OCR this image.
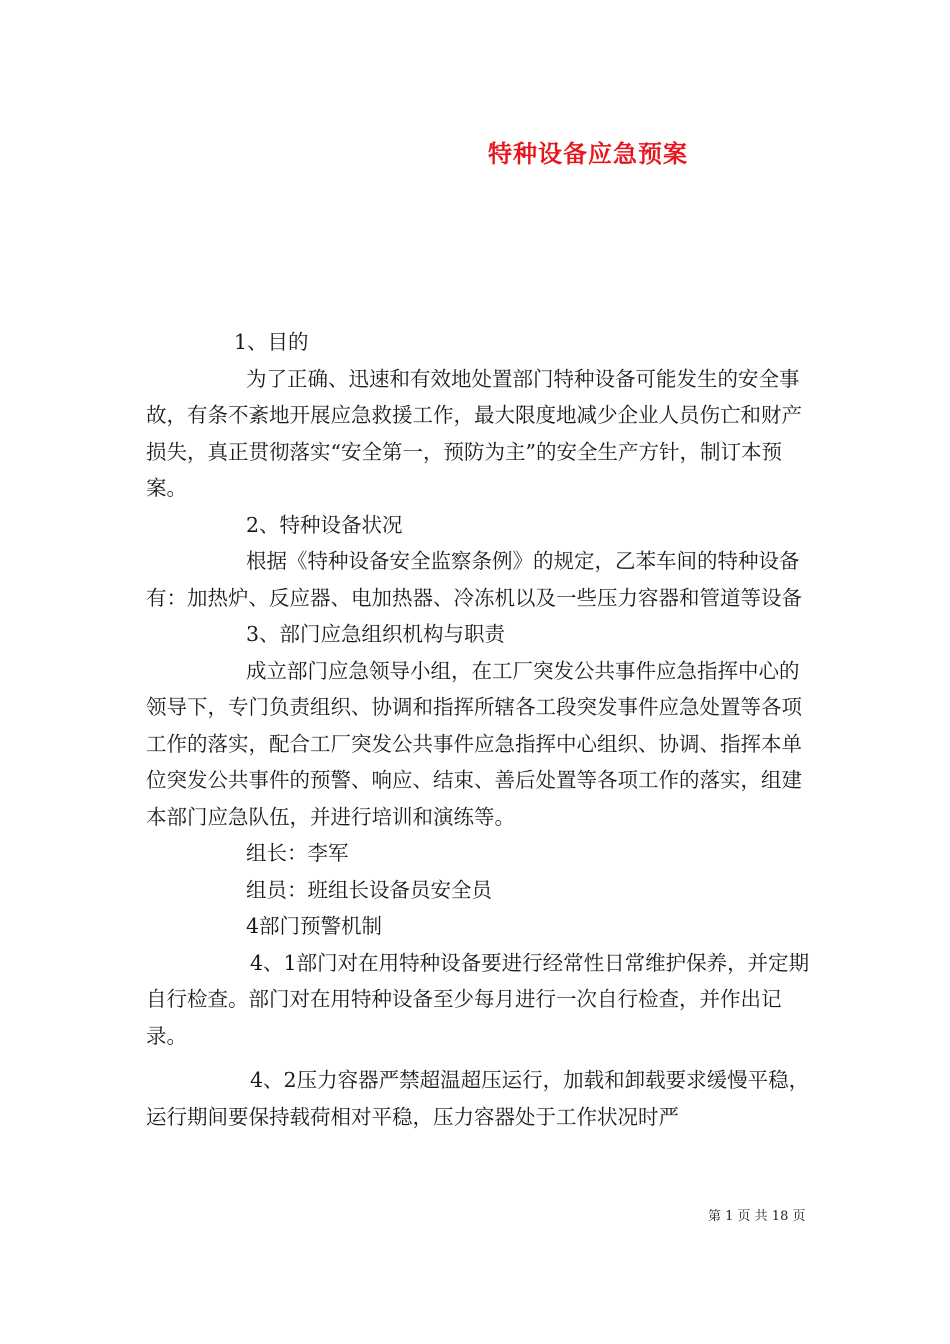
特种设备应急预案

1、目的

为了正确、迅速和有效地处置部门特种设备可能发生的安全事故，有条不紊地开展应急救援工作，最大限度地减少企业人员伤亡和财产损失，真正贯彻落实“安全第一，预防为主”的安全生产方针，制订本预案。

2、特种设备状况

根据《特种设备安全监察条例》的规定，乙苯车间的特种设备有：加热炉、反应器、电加热器、冷冻机以及一些压力容器和管道等设备

3、部门应急组织机构与职责

成立部门应急领导小组，在工厂突发公共事件应急指挥中心的领导下，专门负责组织、协调和指挥所辖各工段突发事件应急处置等各项工作的落实，配合工厂突发公共事件应急指挥中心组织、协调、指挥本单位突发公共事件的预警、响应、结束、善后处置等各项工作的落实，组建本部门应急队伍，并进行培训和演练等。

组长：李军

组员：班组长设备员安全员

4部门预警机制

4、1部门对在用特种设备要进行经常性日常维护保养，并定期自行检查。部门对在用特种设备至少每月进行一次自行检查，并作出记录。

4、2压力容器严禁超温超压运行，加载和卸载要求缓慢平稳，运行期间要保持载荷相对平稳，压力容器处于工作状况时严

第 1 页 共 18 页
